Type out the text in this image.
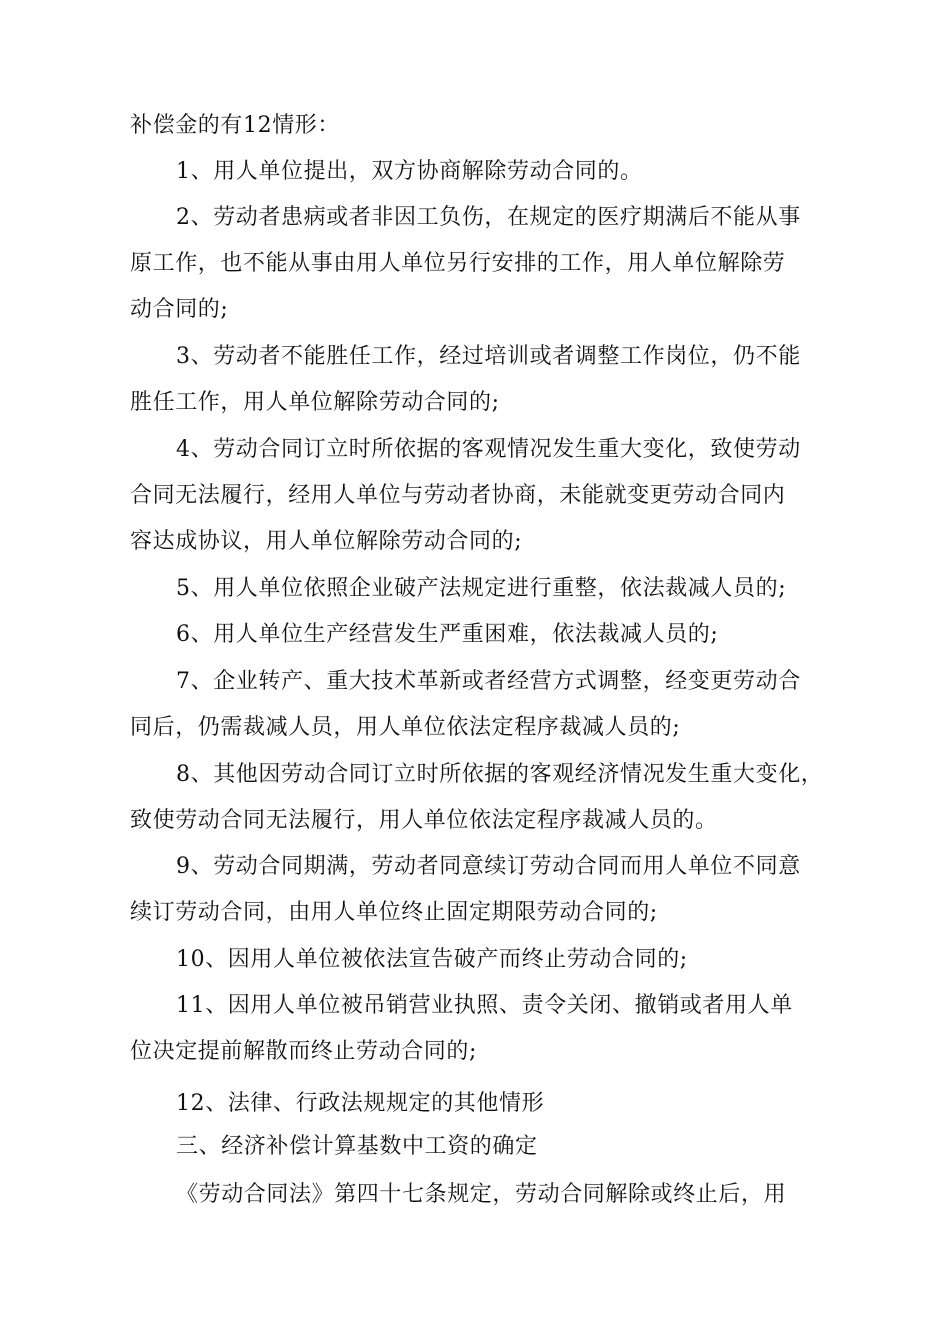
补偿金的有12情形：
1、用人单位提出，双方协商解除劳动合同的。
2、劳动者患病或者非因工负伤，在规定的医疗期满后不能从事
原工作，也不能从事由用人单位另行安排的工作，用人单位解除劳
动合同的;
3、劳动者不能胜任工作，经过培训或者调整工作岗位，仍不能
胜任工作，用人单位解除劳动合同的;
4、劳动合同订立时所依据的客观情况发生重大变化，致使劳动
合同无法履行，经用人单位与劳动者协商，未能就变更劳动合同内
容达成协议，用人单位解除劳动合同的;
5、用人单位依照企业破产法规定进行重整，依法裁减人员的;
6、用人单位生产经营发生严重困难，依法裁减人员的;
7、企业转产、重大技术革新或者经营方式调整，经变更劳动合
同后，仍需裁减人员，用人单位依法定程序裁减人员的;
8、其他因劳动合同订立时所依据的客观经济情况发生重大变化，
致使劳动合同无法履行，用人单位依法定程序裁减人员的。
9、劳动合同期满，劳动者同意续订劳动合同而用人单位不同意
续订劳动合同，由用人单位终止固定期限劳动合同的;
10、因用人单位被依法宣告破产而终止劳动合同的;
11、因用人单位被吊销营业执照、责令关闭、撤销或者用人单
位决定提前解散而终止劳动合同的;
12、法律、行政法规规定的其他情形
三、经济补偿计算基数中工资的确定
《劳动合同法》第四十七条规定，劳动合同解除或终止后，用
